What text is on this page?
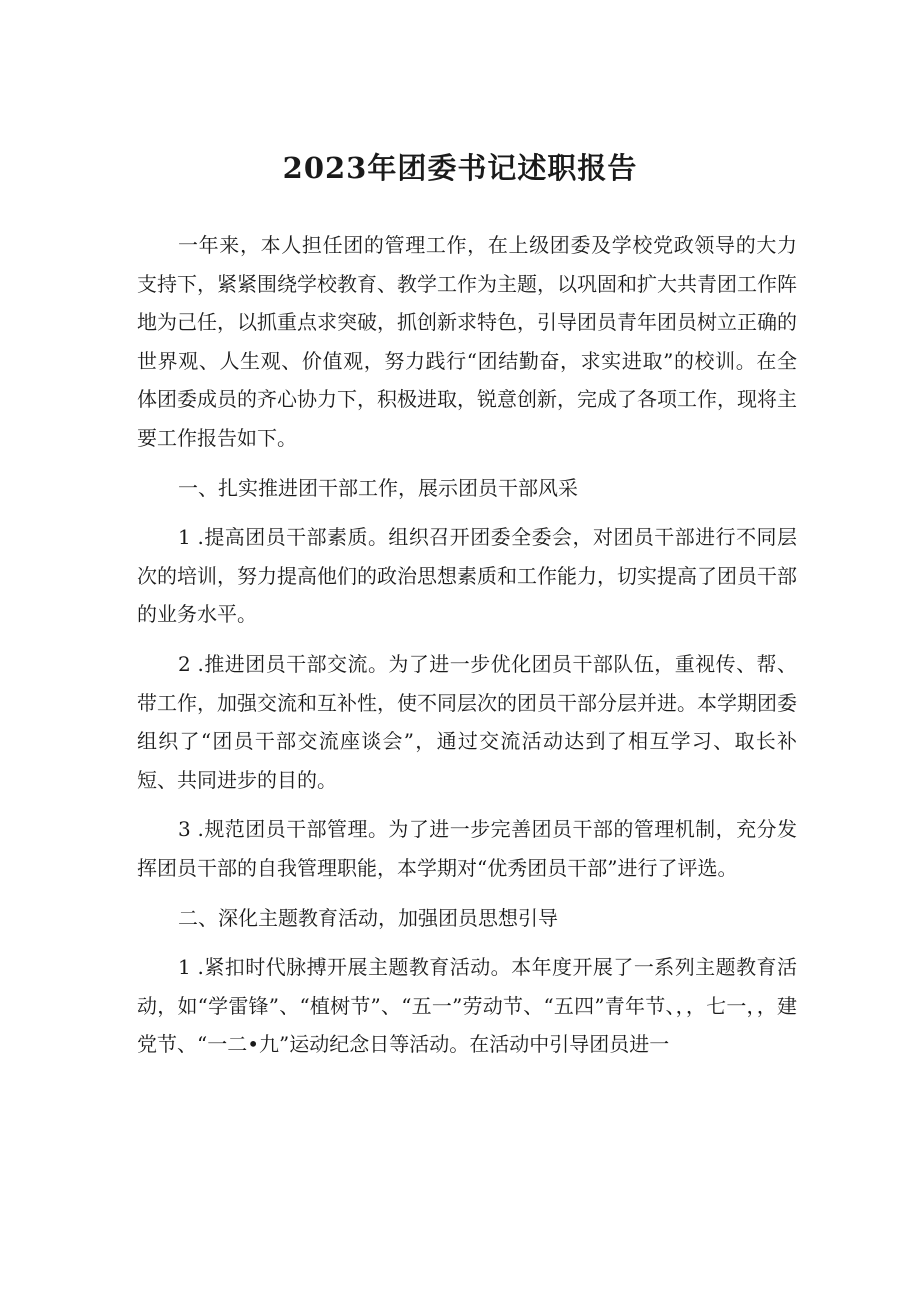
2023年团委书记述职报告

一年来，本人担任团的管理工作，在上级团委及学校党政领导的大力支持下，紧紧围绕学校教育、教学工作为主题，以巩固和扩大共青团工作阵地为己任，以抓重点求突破，抓创新求特色，引导团员青年团员树立正确的世界观、人生观、价值观，努力践行“团结勤奋，求实进取”的校训。在全体团委成员的齐心协力下，积极进取，锐意创新，完成了各项工作，现将主要工作报告如下。

一、扎实推进团干部工作，展示团员干部风采

1 .提高团员干部素质。组织召开团委全委会，对团员干部进行不同层次的培训，努力提高他们的政治思想素质和工作能力，切实提高了团员干部的业务水平。

2 .推进团员干部交流。为了进一步优化团员干部队伍，重视传、帮、带工作，加强交流和互补性，使不同层次的团员干部分层并进。本学期团委组织了“团员干部交流座谈会”，通过交流活动达到了相互学习、取长补短、共同进步的目的。

3 .规范团员干部管理。为了进一步完善团员干部的管理机制，充分发挥团员干部的自我管理职能，本学期对“优秀团员干部”进行了评选。

二、深化主题教育活动，加强团员思想引导

1 .紧扣时代脉搏开展主题教育活动。本年度开展了一系列主题教育活动，如“学雷锋”、“植树节”、“五一”劳动节、“五四”青年节、，，七一，，建党节、“一二•九”运动纪念日等活动。在活动中引导团员进一
